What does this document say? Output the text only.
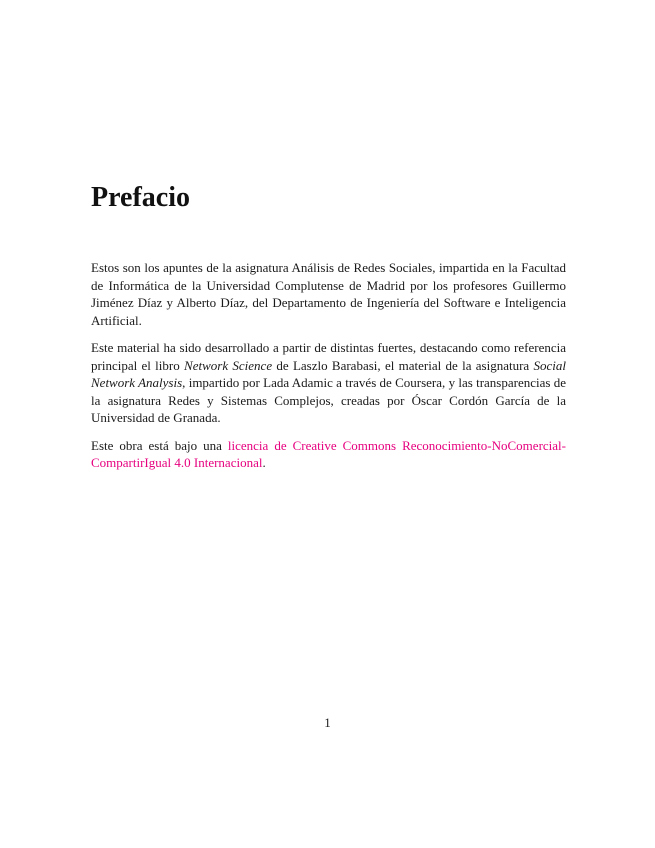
Prefacio

Estos son los apuntes de la asignatura Análisis de Redes Sociales, impartida en la Facultad de Informática de la Universidad Complutense de Madrid por los profesores Guillermo Jiménez Díaz y Alberto Díaz, del Departamento de Ingeniería del Software e Inteligencia Artificial.

Este material ha sido desarrollado a partir de distintas fuertes, destacando como referencia principal el libro Network Science de Laszlo Barabasi, el material de la asignatura Social Network Analysis, impartido por Lada Adamic a través de Coursera, y las transparencias de la asignatura Redes y Sistemas Complejos, creadas por Óscar Cordón García de la Universidad de Granada.

Este obra está bajo una licencia de Creative Commons Reconocimiento-NoComercial-CompartirIgual 4.0 Internacional.

1
